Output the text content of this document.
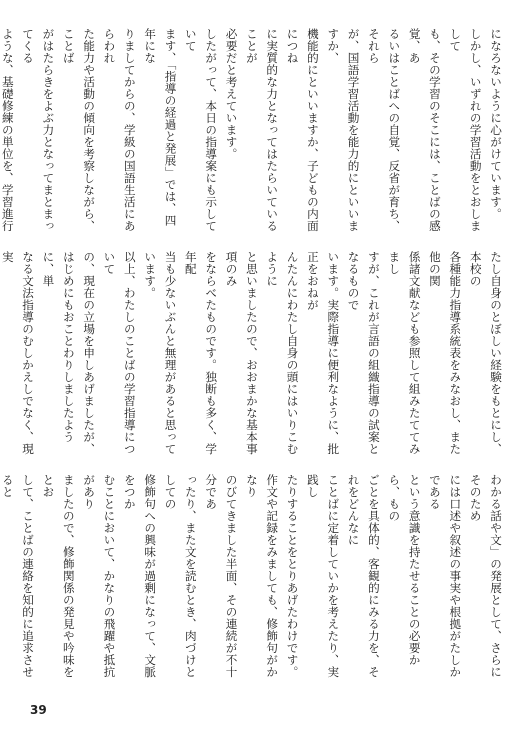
になろないように心がけています。

しかし、いずれの学習活動をとおしまして

も、その学習のそこには、ことばの感覚、あ

るいはことばへの自覚、反省が育ち、それら

が、国語学習活動を能力的にといいますか、

機能的にといいますか、子どもの内面につね

に実質的な力となってはたらいていることが

必要だと考えています。

したがって、本日の指導案にも示していて

ます、「指導の経過と発展」では、四年にな

りましてからの、学級の国語生活にあらわれ

た能力や活動の傾向を考察しながら、ことば

がはたらきをよぶ力となってまとまってくる

ような、基礎修練の単位を、学習進行

たし自身のとぼしい経験をもとにし、本校の

各種能力指導系統表をみなおし、また他の関

係諸文献なども参照して組みたててみまし

すが、これが言語の組織指導の試案となるもので

います。実際指導に便利なように、批正をおねが

んたんにわたし自身の頭にはいりこむように

と思いましたので、おおまかな基本事項のみ

をならべたものです。独断も多く、学年配

当も少ないぶんと無理があると思っています。

以上、わたしのことばの学習指導について

の、現在の立場を申しあげましたが、

はじめにもおことわりしましたように、単

なる文法指導のむしかえしでなく、現実

わかる話や文」の発展として、さらにそのため

には口述や叙述の事実や根拠がたしかである

という意識を持たせることの必要から、もの

ごとを具体的、客観的にみる力を、それをどんなに

ことばに定着していかを考えたり、実践し

たりすることをとりあげたわけです。

作文や記録をみましても、修飾句がかなり

のびてきました半面、その連続が不十分であ

ったり、また文を読むとき、肉づけとしての

修飾句への興味が過剰になって、文脈をつか

むことにおいて、かなりの飛躍や抵抗があり

ましたので、修飾関係の発見や吟味をとお

して、ことばの連絡を知的に追求させると

39
